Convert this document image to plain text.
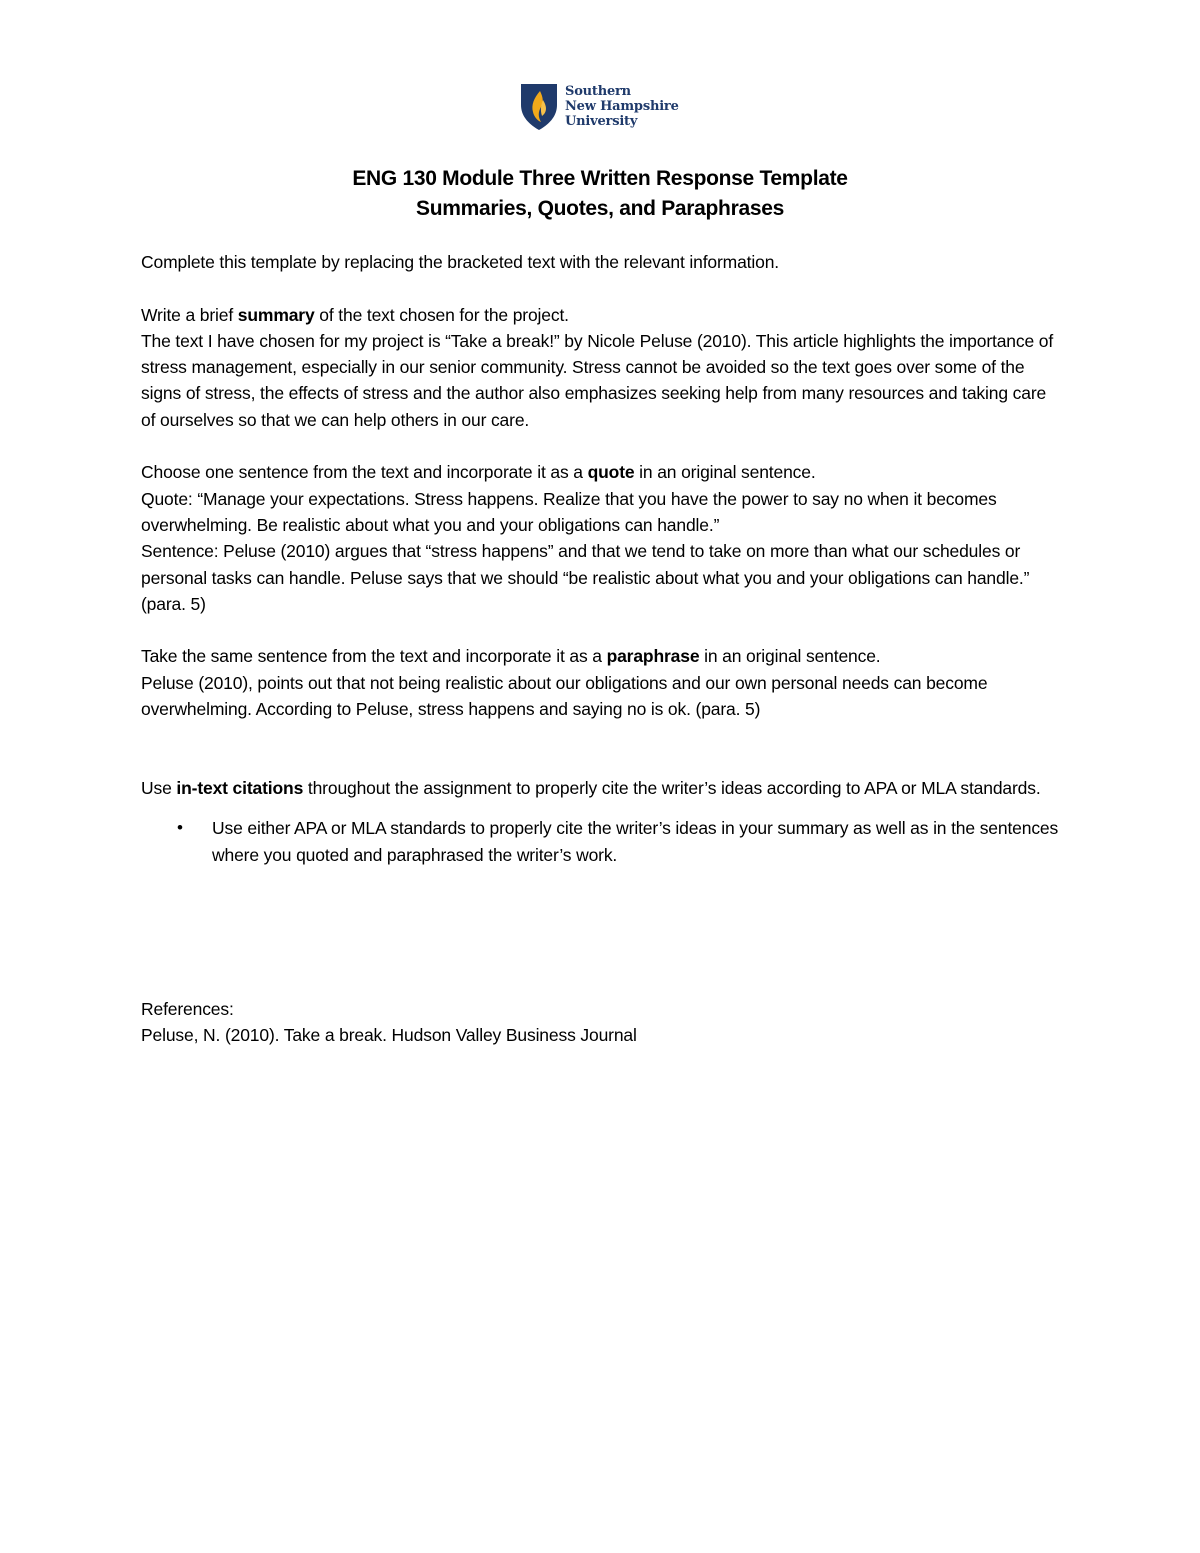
Southern
New Hampshire
University
ENG 130 Module Three Written Response Template
Summaries, Quotes, and Paraphrases

Complete this template by replacing the bracketed text with the relevant information.

Write a brief summary of the text chosen for the project.
The text I have chosen for my project is “Take a break!” by Nicole Peluse (2010). This article highlights the importance of stress management, especially in our senior community. Stress cannot be avoided so the text goes over some of the signs of stress, the effects of stress and the author also emphasizes seeking help from many resources and taking care of ourselves so that we can help others in our care.
Choose one sentence from the text and incorporate it as a quote in an original sentence.
Quote: “Manage your expectations. Stress happens. Realize that you have the power to say no when it becomes overwhelming. Be realistic about what you and your obligations can handle.”
Sentence: Peluse (2010) argues that “stress happens” and that we tend to take on more than what our schedules or personal tasks can handle. Peluse says that we should “be realistic about what you and your obligations can handle.” (para. 5)
Take the same sentence from the text and incorporate it as a paraphrase in an original sentence.
Peluse (2010), points out that not being realistic about our obligations and our own personal needs can become overwhelming. According to Peluse, stress happens and saying no is ok. (para. 5)
Use in-text citations throughout the assignment to properly cite the writer’s ideas according to APA or MLA standards.
• Use either APA or MLA standards to properly cite the writer’s ideas in your summary as well as in the sentences where you quoted and paraphrased the writer’s work.
References:
Peluse, N. (2010). Take a break. Hudson Valley Business Journal
